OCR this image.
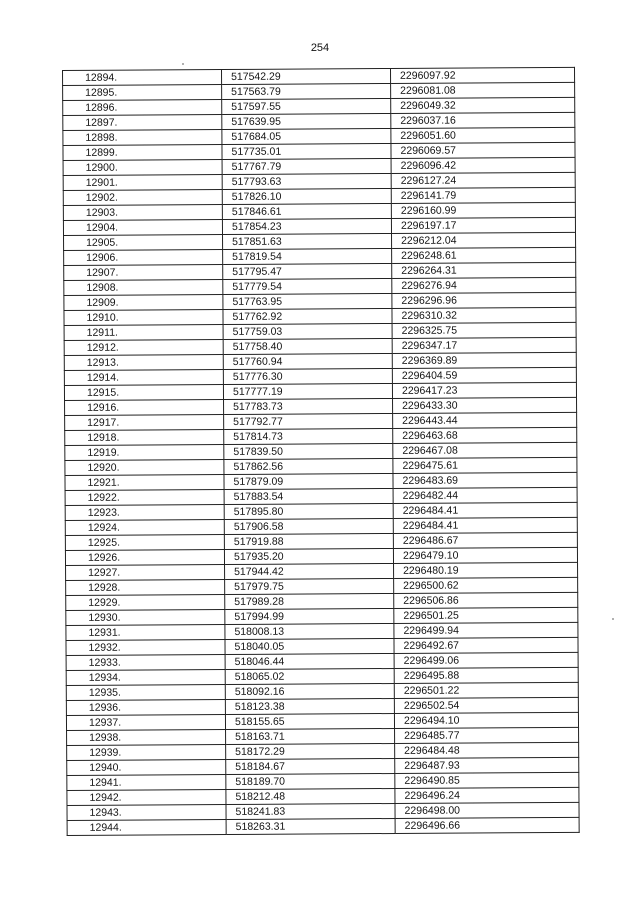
254
12894.	517542.29	2296097.92
12895.	517563.79	2296081.08
12896.	517597.55	2296049.32
12897.	517639.95	2296037.16
12898.	517684.05	2296051.60
12899.	517735.01	2296069.57
12900.	517767.79	2296096.42
12901.	517793.63	2296127.24
12902.	517826.10	2296141.79
12903.	517846.61	2296160.99
12904.	517854.23	2296197.17
12905.	517851.63	2296212.04
12906.	517819.54	2296248.61
12907.	517795.47	2296264.31
12908.	517779.54	2296276.94
12909.	517763.95	2296296.96
12910.	517762.92	2296310.32
12911.	517759.03	2296325.75
12912.	517758.40	2296347.17
12913.	517760.94	2296369.89
12914.	517776.30	2296404.59
12915.	517777.19	2296417.23
12916.	517783.73	2296433.30
12917.	517792.77	2296443.44
12918.	517814.73	2296463.68
12919.	517839.50	2296467.08
12920.	517862.56	2296475.61
12921.	517879.09	2296483.69
12922.	517883.54	2296482.44
12923.	517895.80	2296484.41
12924.	517906.58	2296484.41
12925.	517919.88	2296486.67
12926.	517935.20	2296479.10
12927.	517944.42	2296480.19
12928.	517979.75	2296500.62
12929.	517989.28	2296506.86
12930.	517994.99	2296501.25
12931.	518008.13	2296499.94
12932.	518040.05	2296492.67
12933.	518046.44	2296499.06
12934.	518065.02	2296495.88
12935.	518092.16	2296501.22
12936.	518123.38	2296502.54
12937.	518155.65	2296494.10
12938.	518163.71	2296485.77
12939.	518172.29	2296484.48
12940.	518184.67	2296487.93
12941.	518189.70	2296490.85
12942.	518212.48	2296496.24
12943.	518241.83	2296498.00
12944.	518263.31	2296496.66
